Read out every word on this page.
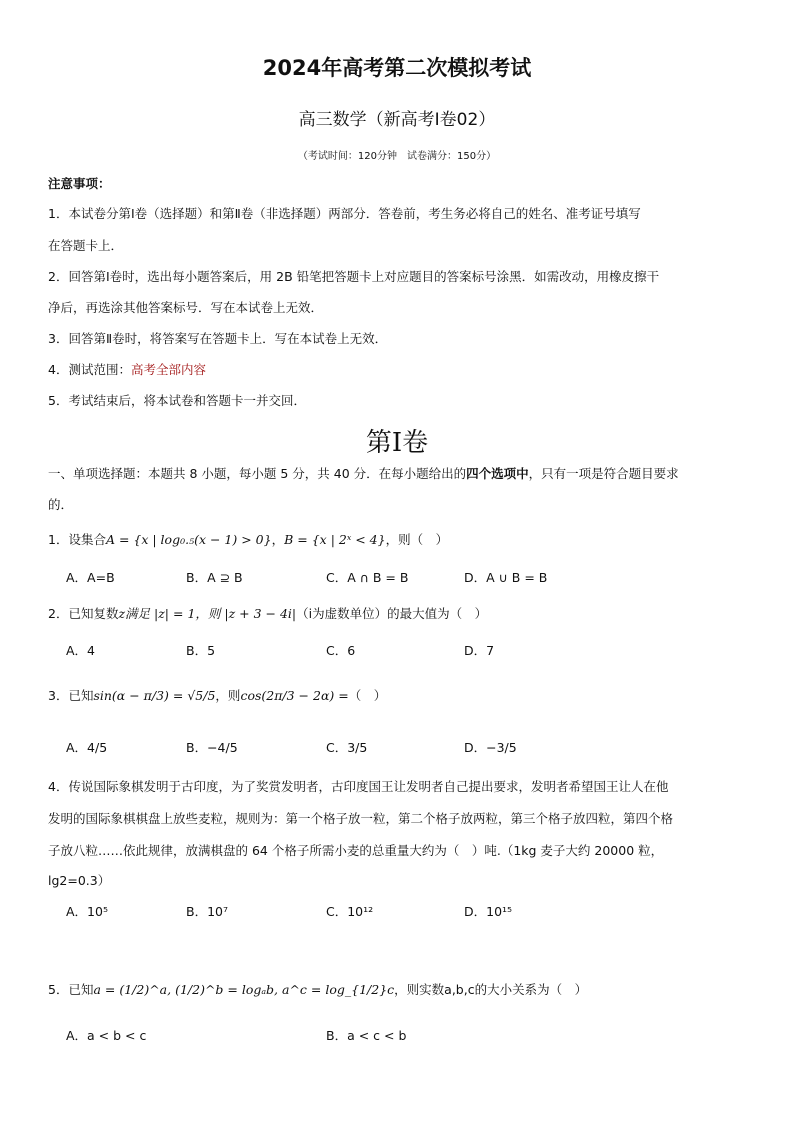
2024年高考第二次模拟考试
高三数学（新高考Ⅰ卷02）
（考试时间：120分钟　试卷满分：150分）
注意事项：
1．本试卷分第Ⅰ卷（选择题）和第Ⅱ卷（非选择题）两部分．答卷前，考生务必将自己的姓名、准考证号填写
在答题卡上．
2．回答第Ⅰ卷时，选出每小题答案后，用 2B 铅笔把答题卡上对应题目的答案标号涂黑．如需改动，用橡皮擦干
净后，再选涂其他答案标号．写在本试卷上无效．
3．回答第Ⅱ卷时，将答案写在答题卡上．写在本试卷上无效．
4．测试范围：高考全部内容
5．考试结束后，将本试卷和答题卡一并交回．
第Ⅰ卷
一、单项选择题：本题共 8 小题，每小题 5 分，共 40 分．在每小题给出的四个选项中，只有一项是符合题目要求
的．
1．设集合A = {x | log₀.₅(x − 1) > 0}，B = {x | 2ˣ < 4}，则（　）
A．A=B	B．A ⊇ B	C．A ∩ B = B	D．A ∪ B = B
2．已知复数z满足 |z| = 1，则 |z + 3 − 4i|（i为虚数单位）的最大值为（　）
A．4	B．5	C．6	D．7
3．已知sin(α − π/3) = √5/5，则cos(2π/3 − 2α) =（　）
A．4/5	B．−4/5	C．3/5	D．−3/5
4．传说国际象棋发明于古印度，为了奖赏发明者，古印度国王让发明者自己提出要求，发明者希望国王让人在他
发明的国际象棋棋盘上放些麦粒，规则为：第一个格子放一粒，第二个格子放两粒，第三个格子放四粒，第四个格
子放八粒……依此规律，放满棋盘的 64 个格子所需小麦的总重量大约为（　）吨.（1kg 麦子大约 20000 粒，
lg2=0.3）
A．10⁵	B．10⁷	C．10¹²	D．10¹⁵
5．已知a = (1/2)^a, (1/2)^b = logₐb, a^c = log_{1/2}c，则实数a,b,c的大小关系为（　）
A．a < b < c	B．a < c < b
